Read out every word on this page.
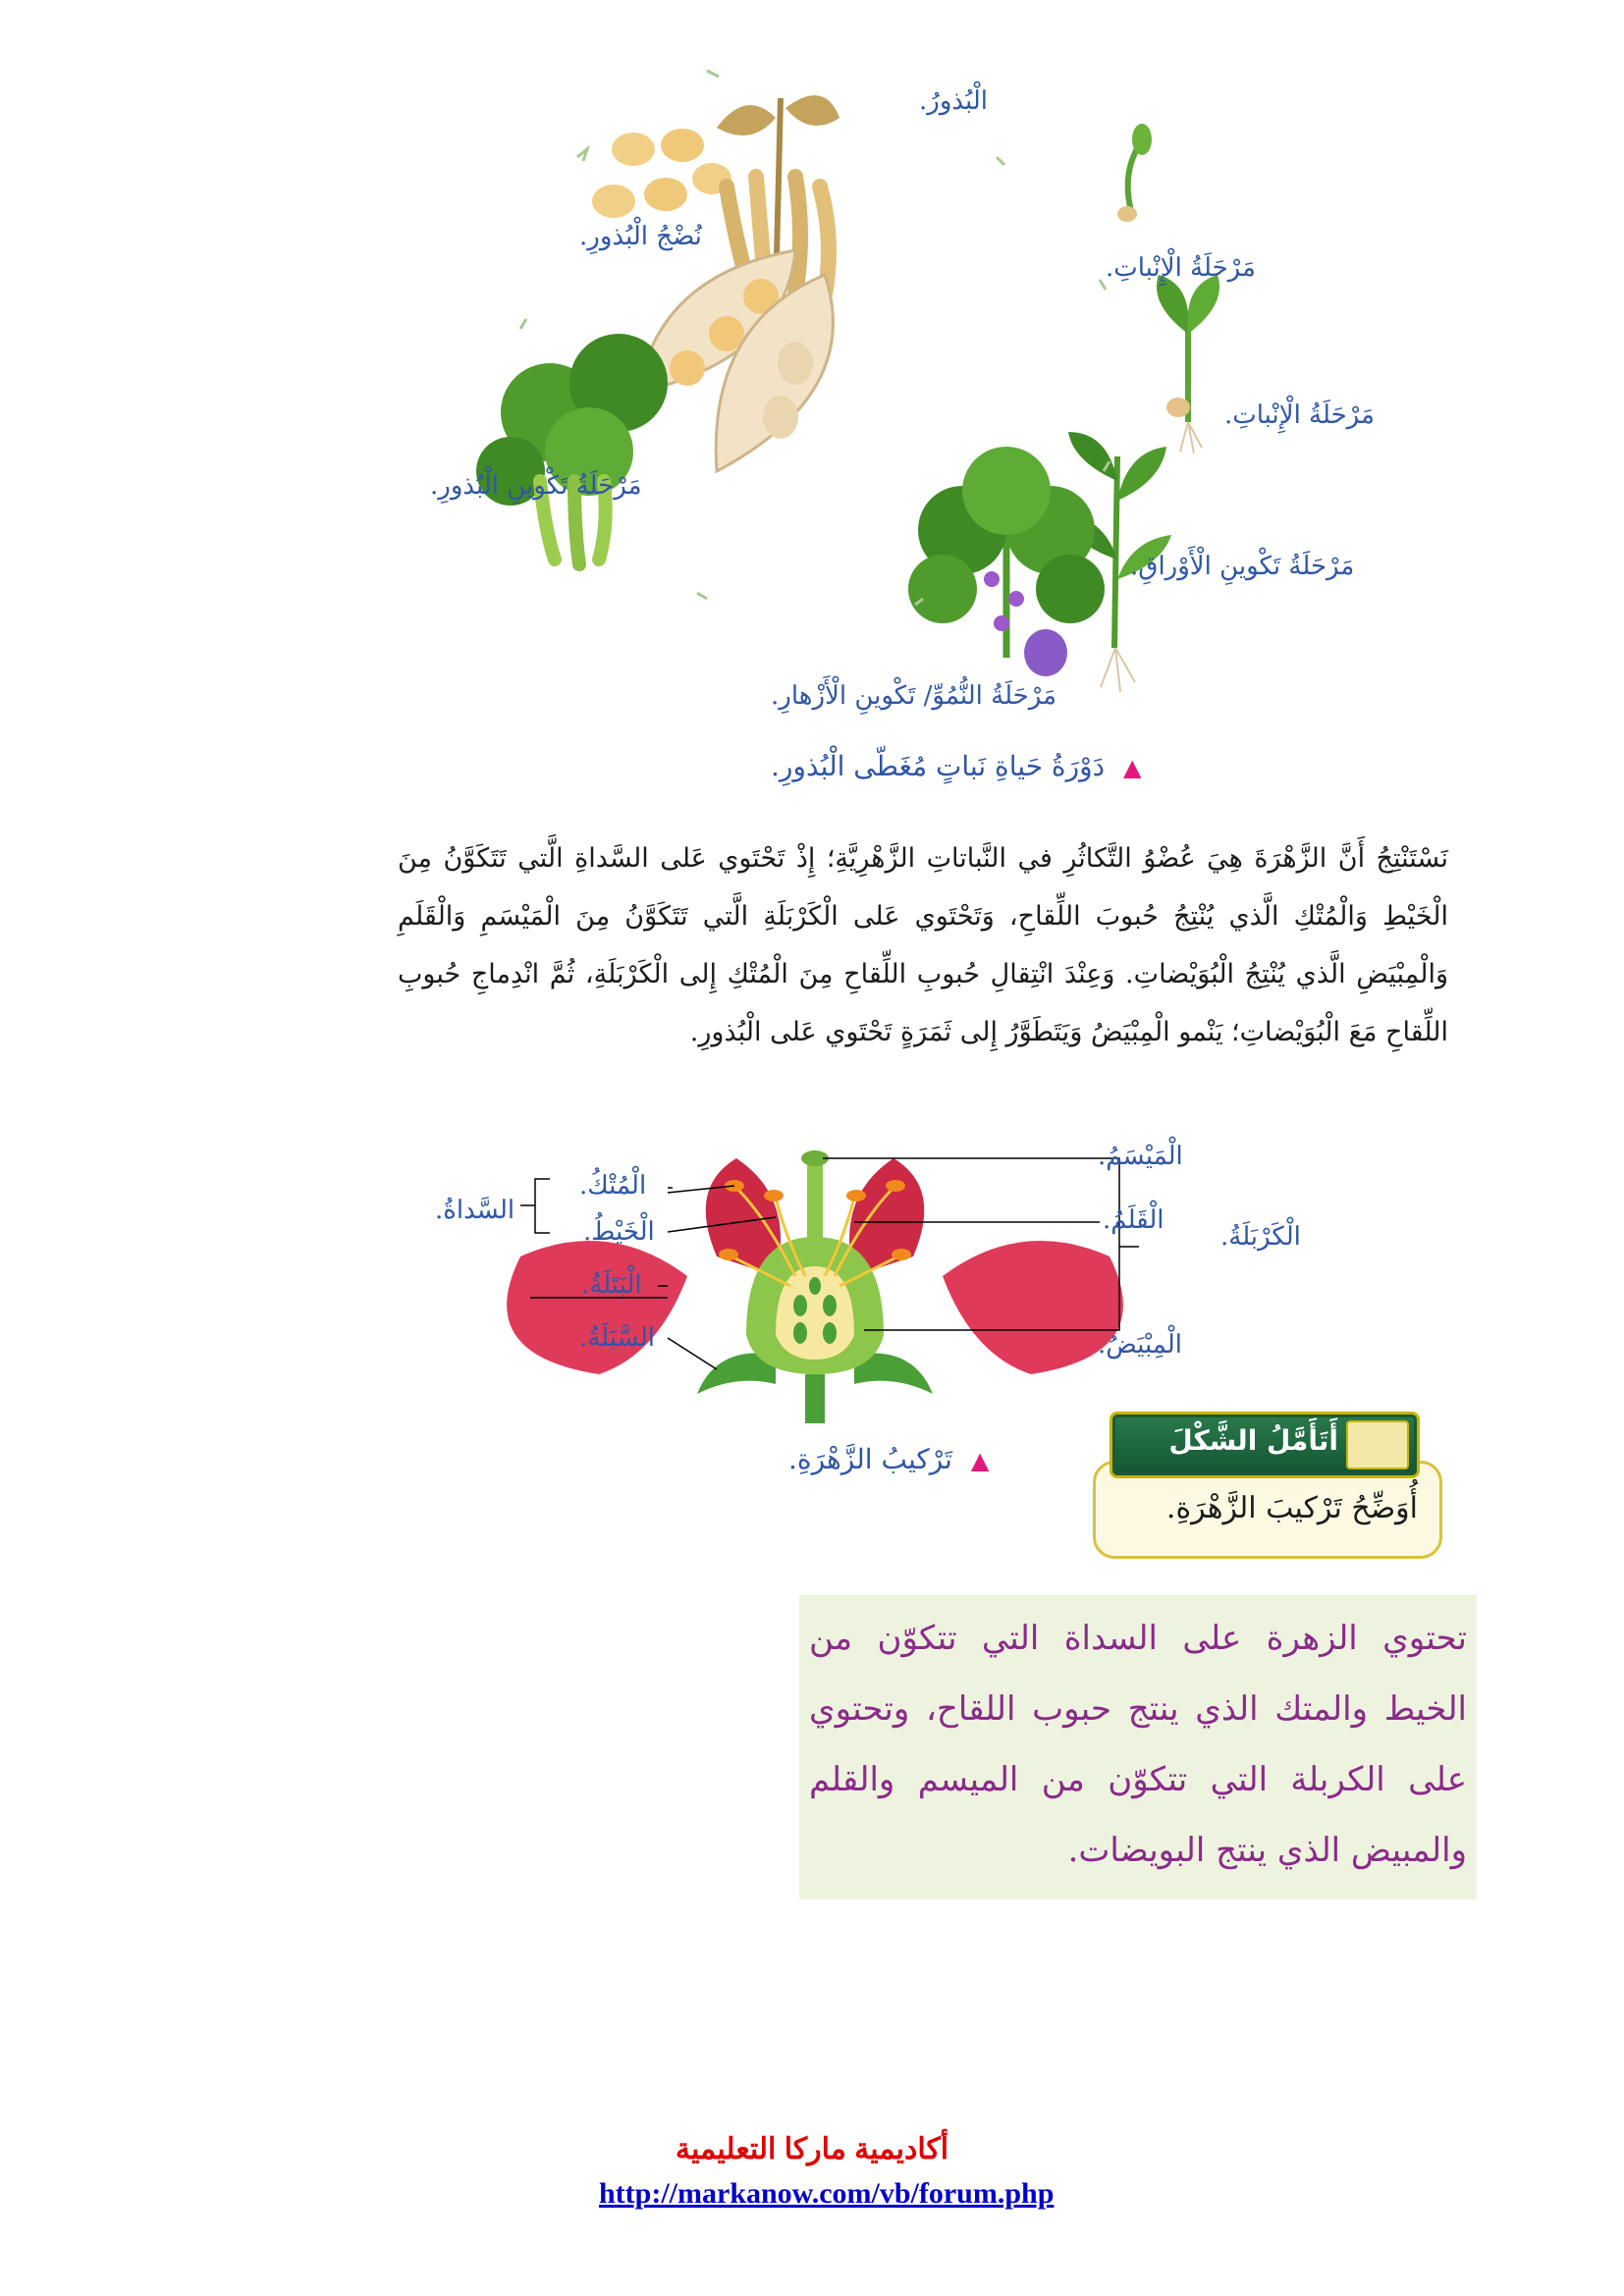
الْبُذورُ.
مَرْحَلَةُ الْإِنْباتِ.
مَرْحَلَةُ الْإِنْباتِ.
مَرْحَلَةُ تَكْوينِ الْأَوْراقِ.
مَرْحَلَةُ النُّمُوِّ/ تَكْوينِ الْأَزْهارِ.
مَرْحَلَةُ تَكْوينِ الْبُذورِ.
نُضْجُ الْبُذورِ.
▲ دَوْرَةُ حَياةِ نَباتٍ مُغَطّى الْبُذورِ.
نَسْتَنْتِجُ أَنَّ الزَّهْرَةَ هِيَ عُضْوُ التَّكاثُرِ في النَّباتاتِ الزَّهْرِيَّةِ؛ إِذْ تَحْتَوي عَلى السَّداةِ الَّتي تَتَكَوَّنُ مِنَ الْخَيْطِ وَالْمُتْكِ الَّذي يُنْتِجُ حُبوبَ اللِّقاحِ، وَتَحْتَوي عَلى الْكَرْبَلَةِ الَّتي تَتَكَوَّنُ مِنَ الْمَيْسَمِ وَالْقَلَمِ وَالْمِبْيَضِ الَّذي يُنْتِجُ الْبُوَيْضاتِ. وَعِنْدَ انْتِقالِ حُبوبِ اللِّقاحِ مِنَ الْمُتْكِ إِلى الْكَرْبَلَةِ، ثُمَّ انْدِماجِ حُبوبِ اللِّقاحِ مَعَ الْبُوَيْضاتِ؛ يَنْمو الْمِبْيَضُ وَيَتَطَوَّرُ إِلى ثَمَرَةٍ تَحْتَوي عَلى الْبُذورِ.
الْمُتْكُ.
الْخَيْطُ.
الْبَتَلَةُ.
السَّبَلَةُ.
السَّداةُ.
الْمَيْسَمُ.
الْقَلَمُ.
الْمِبْيَضُ.
الْكَرْبَلَةُ.
▲ تَرْكيبُ الزَّهْرَةِ.
أُوَضِّحُ تَرْكيبَ الزَّهْرَةِ.
أَتَأَمَّلُ الشَّكْلَ
تحتوي الزهرة على السداة التي تتكوّن من الخيط والمتك الذي ينتج حبوب اللقاح، وتحتوي على الكربلة التي تتكوّن من الميسم والقلم والمبيض الذي ينتج البويضات.
أكاديمية ماركا التعليمية
http://markanow.com/vb/forum.php
